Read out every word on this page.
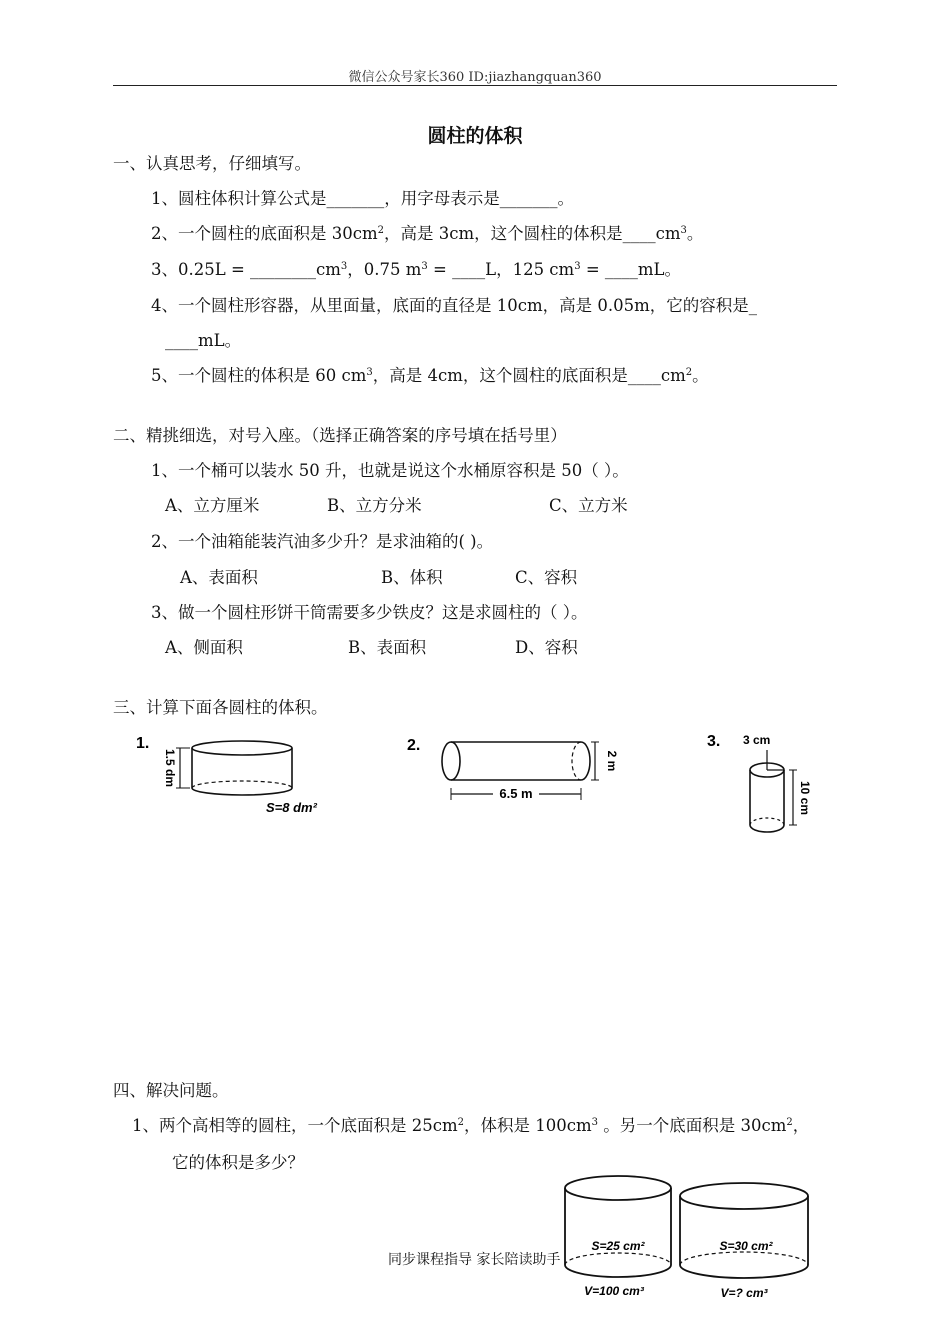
微信公众号家长360 ID:jiazhangquan360
圆柱的体积
一、认真思考，仔细填写。
1、圆柱体积计算公式是_______，用字母表示是_______。
2、一个圆柱的底面积是 $30cm^2$，高是 3cm，这个圆柱的体积是$\_\_\_\_cm^3$。
3、$0.25L = \_\_\_\_\_\_\_\_cm^3$，0.75 $m^3$ = ____L，125 $cm^3$ = ____mL。
4、一个圆柱形容器，从里面量，底面的直径是 10cm，高是 0.05m，它的容积是_
____mL。
5、一个圆柱的体积是 60 $cm^3$，高是 4cm，这个圆柱的底面积是$\_\_\_\_cm^2$。
二、精挑细选，对号入座。（选择正确答案的序号填在括号里）
1、一个桶可以装水 50 升，也就是说这个水桶原容积是 50（ ）。
A、立方厘米	B、立方分米	C、立方米
2、一个油箱能装汽油多少升？是求油箱的( )。
A、表面积	B、体积	C、容积
3、做一个圆柱形饼干筒需要多少铁皮？这是求圆柱的（ ）。
A、侧面积	B、表面积	D、容积
三、计算下面各圆柱的体积。
1.
1.5 dm
S=8 dm²
2.
2 m
6.5 m
3. 3 cm
10 cm
四、解决问题。
1、两个高相等的圆柱，一个底面积是 $25cm^2$，体积是 $100cm^3$ 。另一个底面积是 $30cm^2$，
它的体积是多少？
S=25 cm²
V=100 cm³
S=30 cm²
V=? cm³
同步课程指导 家长陪读助手
